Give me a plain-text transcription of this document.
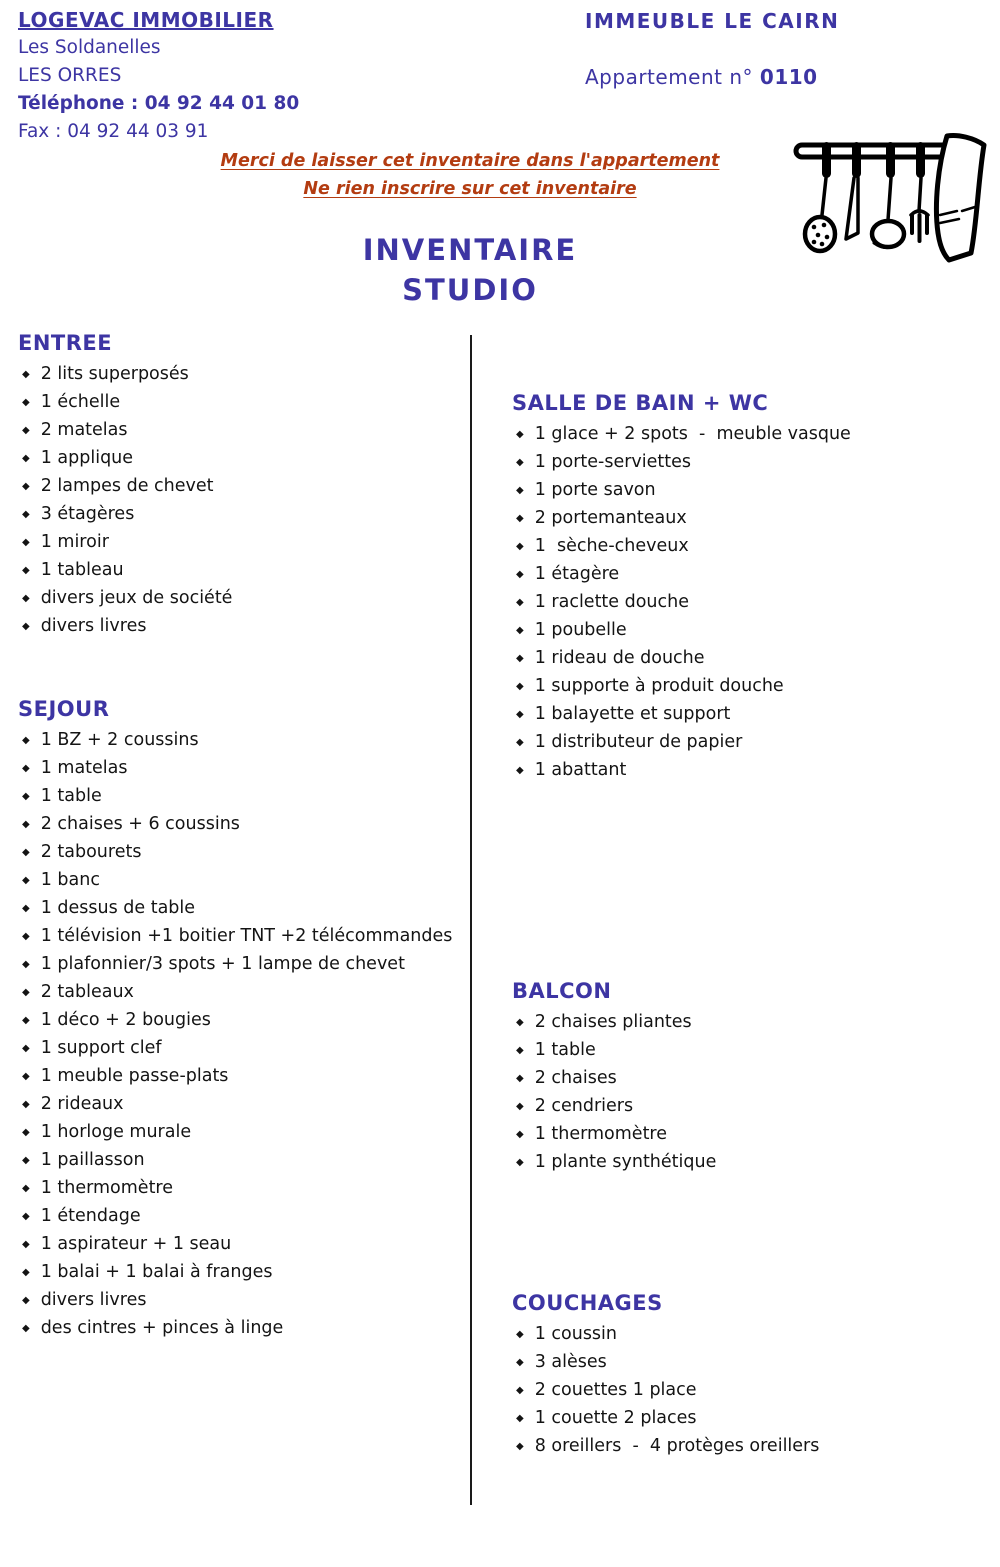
LOGEVAC IMMOBILIER
Les Soldanelles
LES ORRES
Téléphone : 04 92 44 01 80
Fax : 04 92 44 03 91
IMMEUBLE LE CAIRN
Appartement n° 0110
Merci de laisser cet inventaire dans l'appartement
Ne rien inscrire sur cet inventaire
INVENTAIRE
STUDIO
ENTREE
◆ 2 lits superposés
◆ 1 échelle
◆ 2 matelas
◆ 1 applique
◆ 2 lampes de chevet
◆ 3 étagères
◆ 1 miroir
◆ 1 tableau
◆ divers jeux de société
◆ divers livres
SEJOUR
◆ 1 BZ + 2 coussins
◆ 1 matelas
◆ 1 table
◆ 2 chaises + 6 coussins
◆ 2 tabourets
◆ 1 banc
◆ 1 dessus de table
◆ 1 télévision +1 boitier TNT +2 télécommandes
◆ 1 plafonnier/3 spots + 1 lampe de chevet
◆ 2 tableaux
◆ 1 déco + 2 bougies
◆ 1 support clef
◆ 1 meuble passe-plats
◆ 2 rideaux
◆ 1 horloge murale
◆ 1 paillasson
◆ 1 thermomètre
◆ 1 étendage
◆ 1 aspirateur + 1 seau
◆ 1 balai + 1 balai à franges
◆ divers livres
◆ des cintres + pinces à linge
SALLE DE BAIN + WC
◆ 1 glace + 2 spots  -  meuble vasque
◆ 1 porte-serviettes
◆ 1 porte savon
◆ 2 portemanteaux
◆ 1  sèche-cheveux
◆ 1 étagère
◆ 1 raclette douche
◆ 1 poubelle
◆ 1 rideau de douche
◆ 1 supporte à produit douche
◆ 1 balayette et support
◆ 1 distributeur de papier
◆ 1 abattant
BALCON
◆ 2 chaises pliantes
◆ 1 table
◆ 2 chaises
◆ 2 cendriers
◆ 1 thermomètre
◆ 1 plante synthétique
COUCHAGES
◆ 1 coussin
◆ 3 alèses
◆ 2 couettes 1 place
◆ 1 couette 2 places
◆ 8 oreillers  -  4 protèges oreillers
